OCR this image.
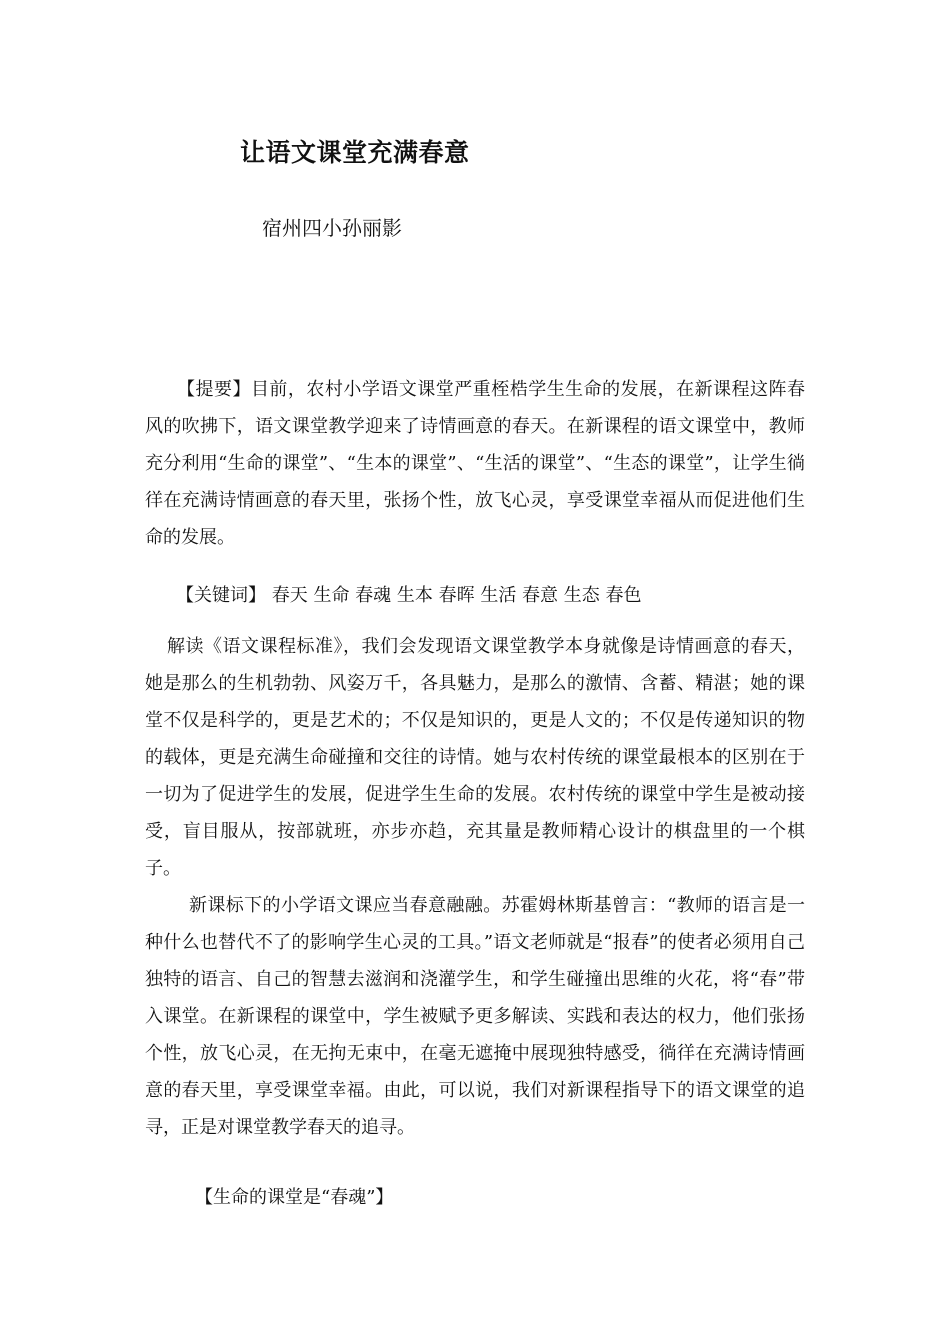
让语文课堂充满春意
宿州四小孙丽影

【提要】目前，农村小学语文课堂严重桎梏学生生命的发展，在新课程这阵春风的吹拂下，语文课堂教学迎来了诗情画意的春天。在新课程的语文课堂中，教师充分利用“生命的课堂”、“生本的课堂”、“生活的课堂”、“生态的课堂”，让学生徜徉在充满诗情画意的春天里，张扬个性，放飞心灵，享受课堂幸福从而促进他们生命的发展。

【关键词】 春天 生命 春魂 生本 春晖 生活 春意 生态 春色

解读《语文课程标准》，我们会发现语文课堂教学本身就像是诗情画意的春天，她是那么的生机勃勃、风姿万千，各具魅力，是那么的激情、含蓄、精湛；她的课堂不仅是科学的，更是艺术的；不仅是知识的，更是人文的；不仅是传递知识的物的载体，更是充满生命碰撞和交往的诗情。她与农村传统的课堂最根本的区别在于一切为了促进学生的发展，促进学生生命的发展。农村传统的课堂中学生是被动接受，盲目服从，按部就班，亦步亦趋，充其量是教师精心设计的棋盘里的一个棋子。

新课标下的小学语文课应当春意融融。苏霍姆林斯基曾言：“教师的语言是一种什么也替代不了的影响学生心灵的工具。”语文老师就是“报春”的使者必须用自己独特的语言、自己的智慧去滋润和浇灌学生，和学生碰撞出思维的火花，将“春”带入课堂。在新课程的课堂中，学生被赋予更多解读、实践和表达的权力，他们张扬个性，放飞心灵，在无拘无束中，在毫无遮掩中展现独特感受，徜徉在充满诗情画意的春天里，享受课堂幸福。由此，可以说，我们对新课程指导下的语文课堂的追寻，正是对课堂教学春天的追寻。

【生命的课堂是“春魂”】
